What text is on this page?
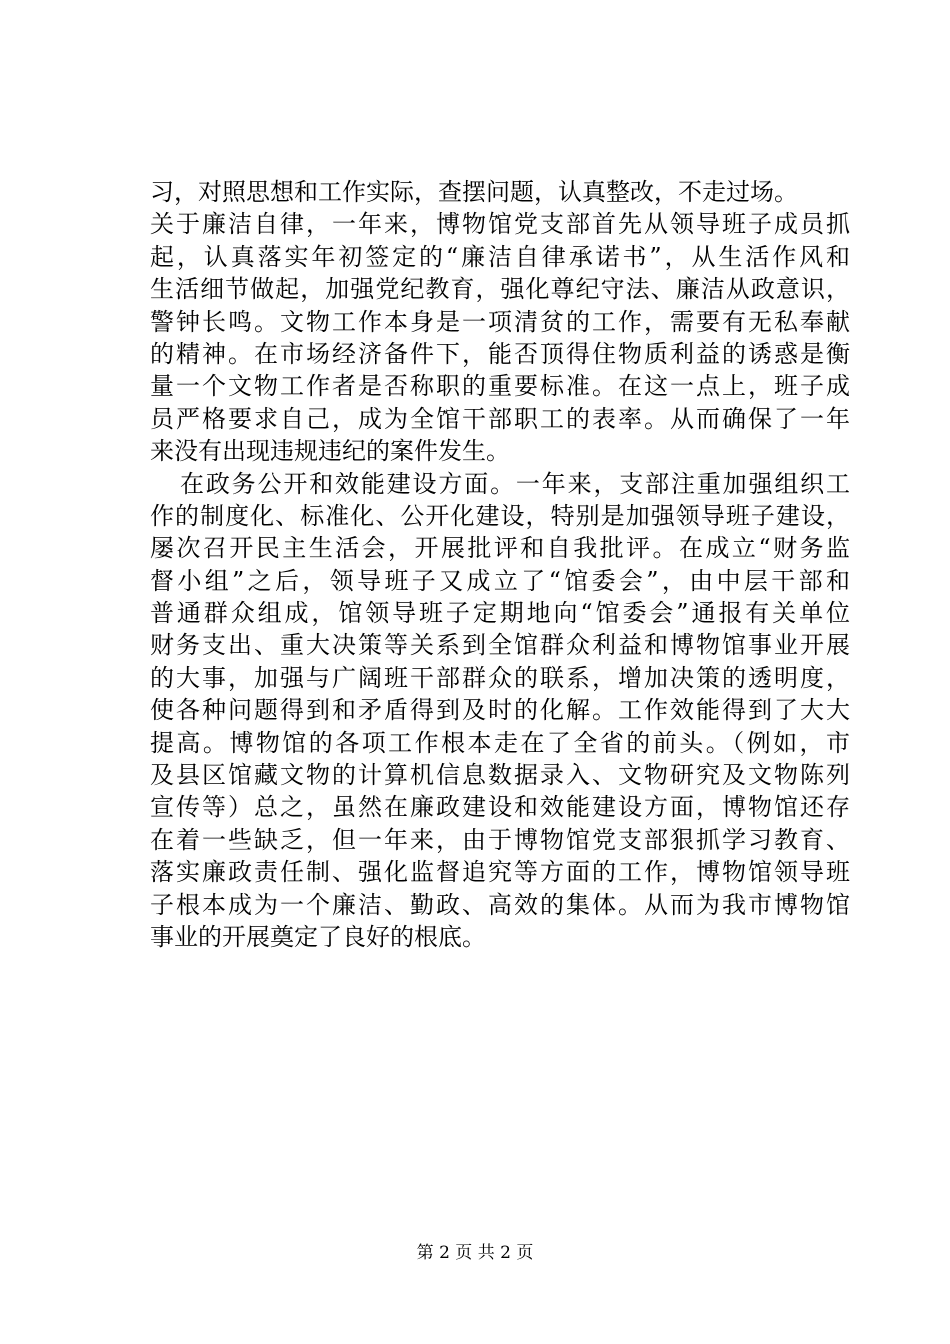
习，对照思想和工作实际，查摆问题，认真整改，不走过场。
关于廉洁自律，一年来，博物馆党支部首先从领导班子成员抓
起，认真落实年初签定的“廉洁自律承诺书”，从生活作风和
生活细节做起，加强党纪教育，强化尊纪守法、廉洁从政意识，
警钟长鸣。文物工作本身是一项清贫的工作，需要有无私奉献
的精神。在市场经济备件下，能否顶得住物质利益的诱惑是衡
量一个文物工作者是否称职的重要标准。在这一点上，班子成
员严格要求自己，成为全馆干部职工的表率。从而确保了一年
来没有出现违规违纪的案件发生。
在政务公开和效能建设方面。一年来，支部注重加强组织工
作的制度化、标准化、公开化建设，特别是加强领导班子建设，
屡次召开民主生活会，开展批评和自我批评。在成立“财务监
督小组”之后，领导班子又成立了“馆委会”，由中层干部和
普通群众组成，馆领导班子定期地向“馆委会”通报有关单位
财务支出、重大决策等关系到全馆群众利益和博物馆事业开展
的大事，加强与广阔班干部群众的联系，增加决策的透明度，
使各种问题得到和矛盾得到及时的化解。工作效能得到了大大
提高。博物馆的各项工作根本走在了全省的前头。（例如，市
及县区馆藏文物的计算机信息数据录入、文物研究及文物陈列
宣传等）总之，虽然在廉政建设和效能建设方面，博物馆还存
在着一些缺乏，但一年来，由于博物馆党支部狠抓学习教育、
落实廉政责任制、强化监督追究等方面的工作，博物馆领导班
子根本成为一个廉洁、勤政、高效的集体。从而为我市博物馆
事业的开展奠定了良好的根底。
第 2 页 共 2 页
